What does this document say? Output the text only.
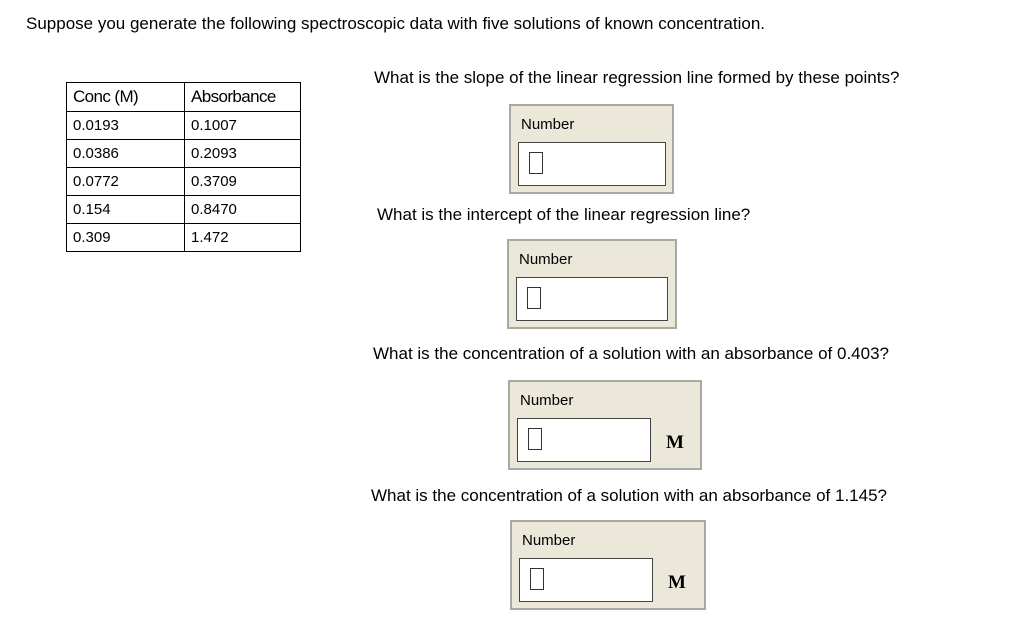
Suppose you generate the following spectroscopic data with five solutions of known concentration.
Conc (M)	Absorbance
0.0193	0.1007
0.0386	0.2093
0.0772	0.3709
0.154	0.8470
0.309	1.472
What is the slope of the linear regression line formed by these points?
Number
What is the intercept of the linear regression line?
Number
What is the concentration of a solution with an absorbance of 0.403?
Number
M
What is the concentration of a solution with an absorbance of 1.145?
Number
M
